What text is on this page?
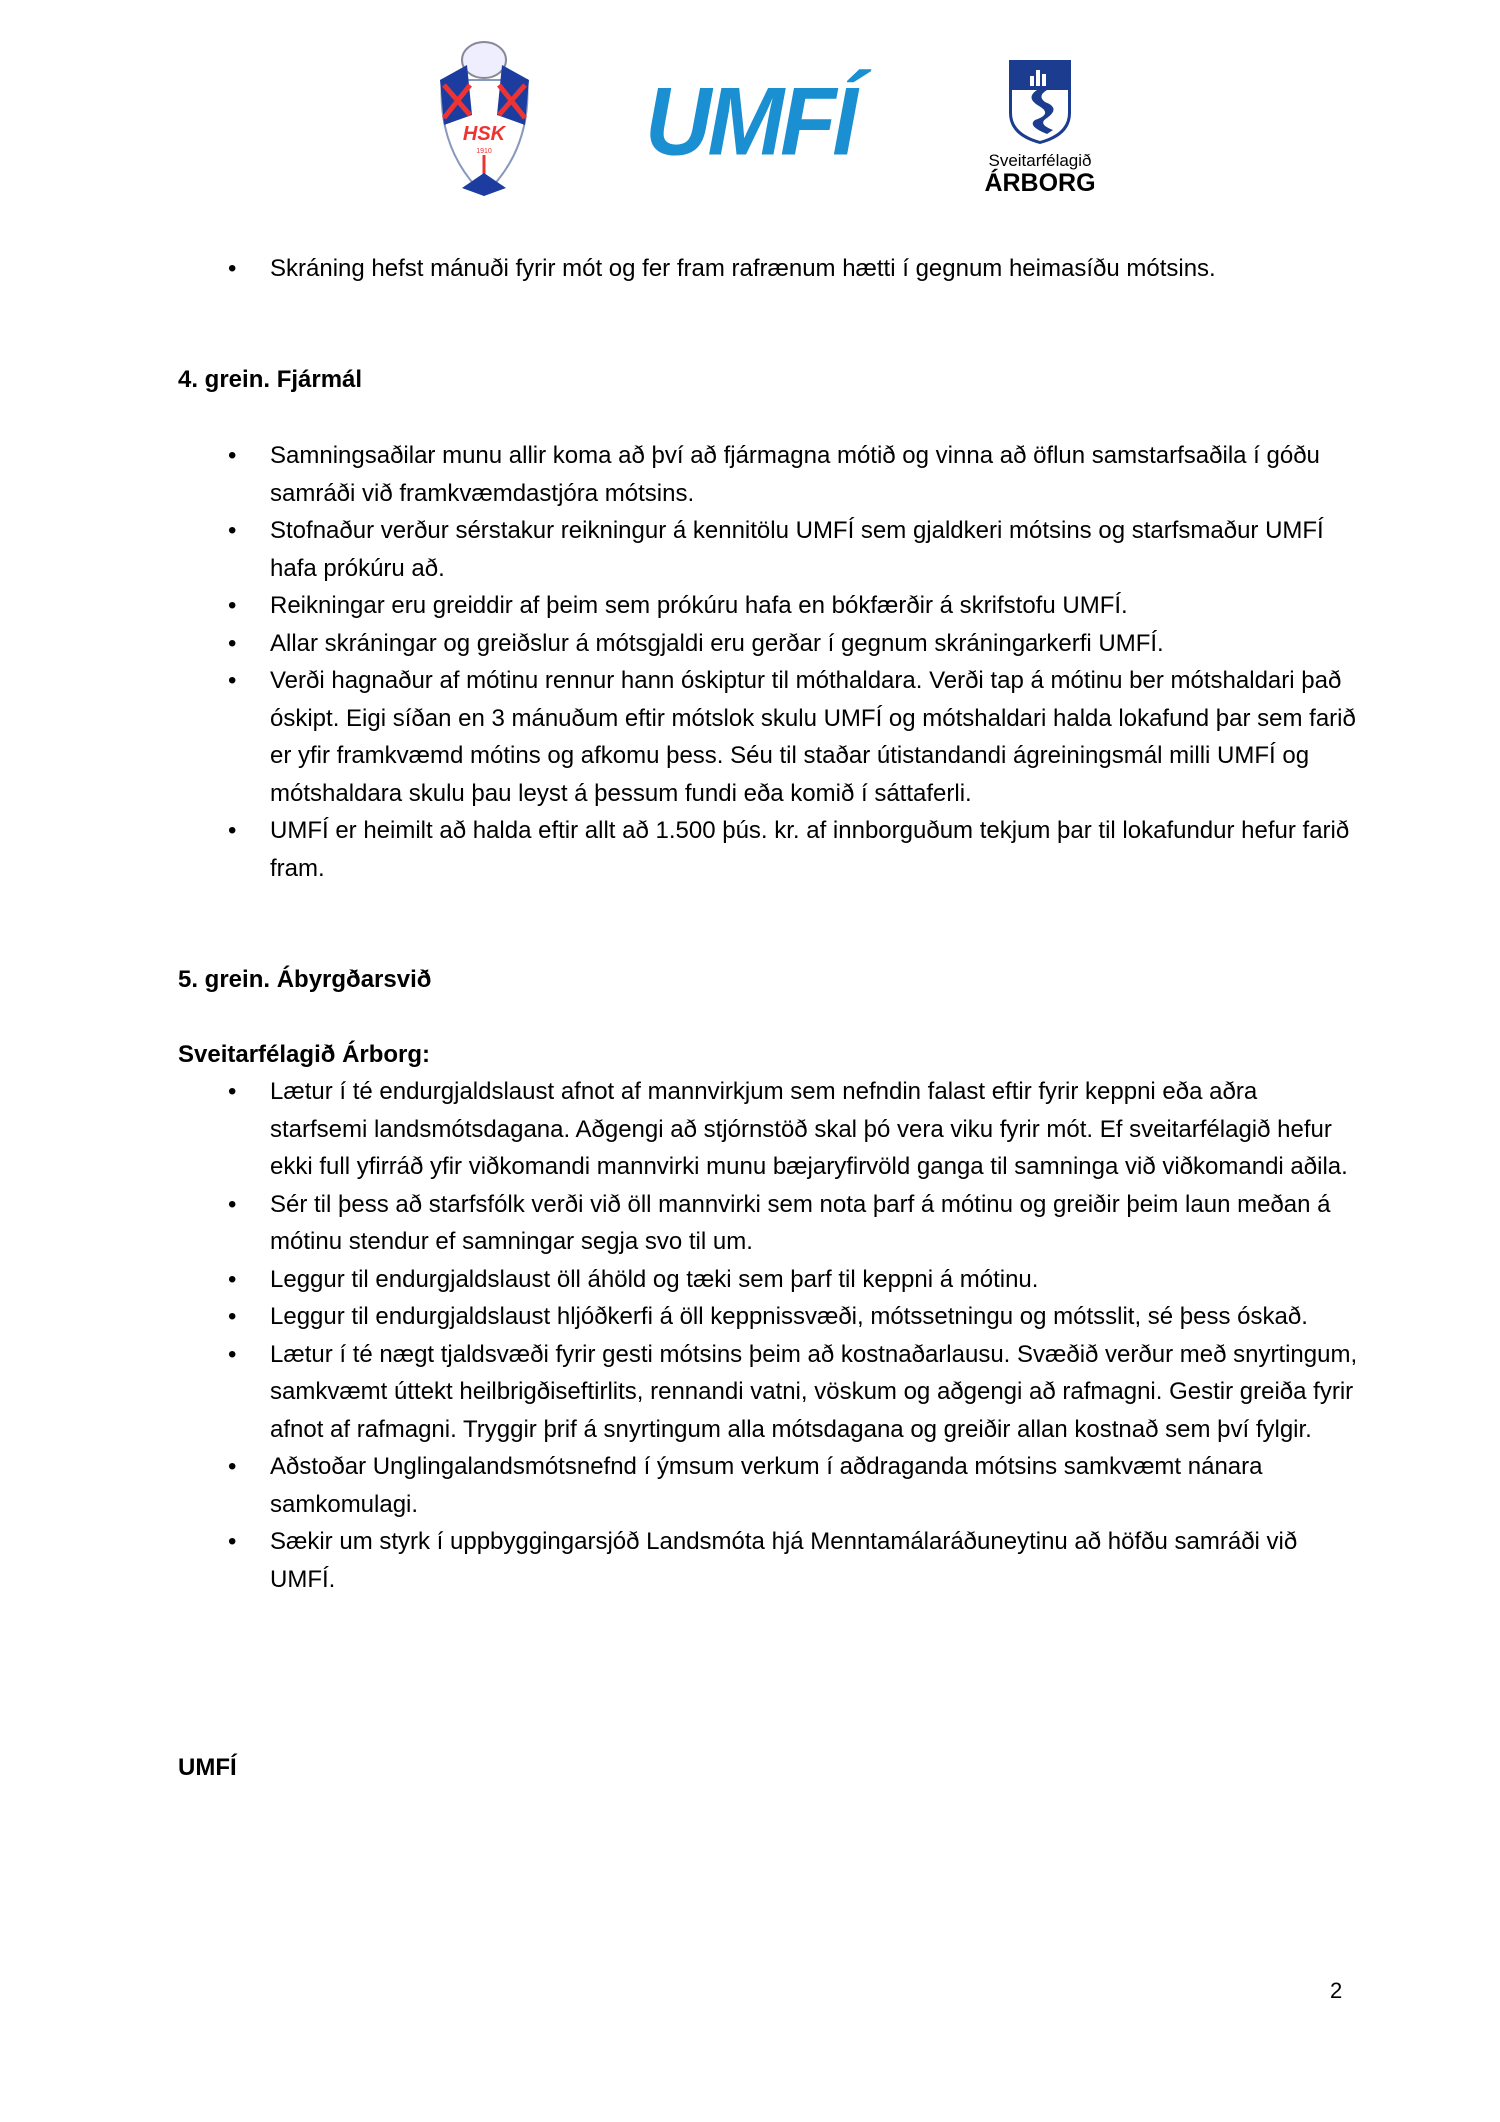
HSK
1910 UMFÍ	Sveitarfélagið
ÁRBORG
• Skráning hefst mánuði fyrir mót og fer fram rafrænum hætti í gegnum heimasíðu mótsins.
4. grein. Fjármál
• Samningsaðilar munu allir koma að því að fjármagna mótið og vinna að öflun samstarfsaðila í góðu samráði við framkvæmdastjóra mótsins.
• Stofnaður verður sérstakur reikningur á kennitölu UMFÍ sem gjaldkeri mótsins og starfsmaður UMFÍ hafa prókúru að.
• Reikningar eru greiddir af þeim sem prókúru hafa en bókfærðir á skrifstofu UMFÍ.
• Allar skráningar og greiðslur á mótsgjaldi eru gerðar í gegnum skráningarkerfi UMFÍ.
• Verði hagnaður af mótinu rennur hann óskiptur til móthaldara. Verði tap á mótinu ber mótshaldari það óskipt. Eigi síðan en 3 mánuðum eftir mótslok skulu UMFÍ og mótshaldari halda lokafund þar sem farið er yfir framkvæmd mótins og afkomu þess. Séu til staðar útistandandi ágreiningsmál milli UMFÍ og mótshaldara skulu þau leyst á þessum fundi eða komið í sáttaferli.
• UMFÍ er heimilt að halda eftir allt að 1.500 þús. kr. af innborguðum tekjum þar til lokafundur hefur farið fram.
5. grein. Ábyrgðarsvið
Sveitarfélagið Árborg:
• Lætur í té endurgjaldslaust afnot af mannvirkjum sem nefndin falast eftir fyrir keppni eða aðra starfsemi landsmótsdagana. Aðgengi að stjórnstöð skal þó vera viku fyrir mót. Ef sveitarfélagið hefur ekki full yfirráð yfir viðkomandi mannvirki munu bæjaryfirvöld ganga til samninga við viðkomandi aðila.
• Sér til þess að starfsfólk verði við öll mannvirki sem nota þarf á mótinu og greiðir þeim laun meðan á mótinu stendur ef samningar segja svo til um.
• Leggur til endurgjaldslaust öll áhöld og tæki sem þarf til keppni á mótinu.
• Leggur til endurgjaldslaust hljóðkerfi á öll keppnissvæði, mótssetningu og mótsslit, sé þess óskað.
• Lætur í té nægt tjaldsvæði fyrir gesti mótsins þeim að kostnaðarlausu. Svæðið verður með snyrtingum, samkvæmt úttekt heilbrigðiseftirlits, rennandi vatni, vöskum og aðgengi að rafmagni. Gestir greiða fyrir afnot af rafmagni. Tryggir þrif á snyrtingum alla mótsdagana og greiðir allan kostnað sem því fylgir.
• Aðstoðar Unglingalandsmótsnefnd í ýmsum verkum í aðdraganda mótsins samkvæmt nánara samkomulagi.
• Sækir um styrk í uppbyggingarsjóð Landsmóta hjá Menntamálaráðuneytinu að höfðu samráði við UMFÍ.
UMFÍ
2
